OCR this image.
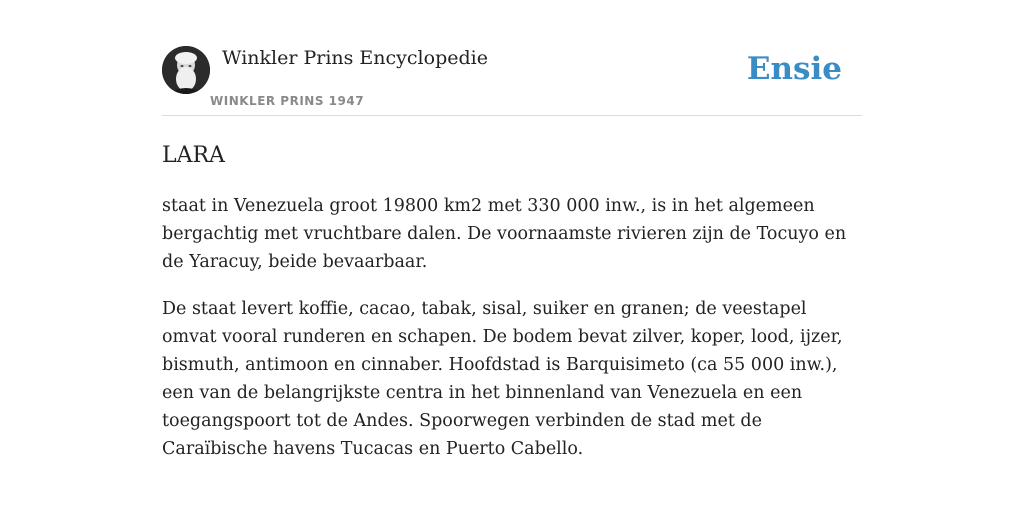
Winkler Prins Encyclopedie
WINKLER PRINS 1947
Ensie
LARA

staat in Venezuela groot 19800 km2 met 330 000 inw., is in het algemeen bergachtig met vruchtbare dalen. De voornaamste rivieren zijn de Tocuyo en de Yaracuy, beide bevaarbaar.

De staat levert koffie, cacao, tabak, sisal, suiker en granen; de veestapel omvat vooral runderen en schapen. De bodem bevat zilver, koper, lood, ijzer, bismuth, antimoon en cinnaber. Hoofdstad is Barquisimeto (ca 55 000 inw.), een van de belangrijkste centra in het binnenland van Venezuela en een toegangspoort tot de Andes. Spoorwegen verbinden de stad met de Caraïbische havens Tucacas en Puerto Cabello.
